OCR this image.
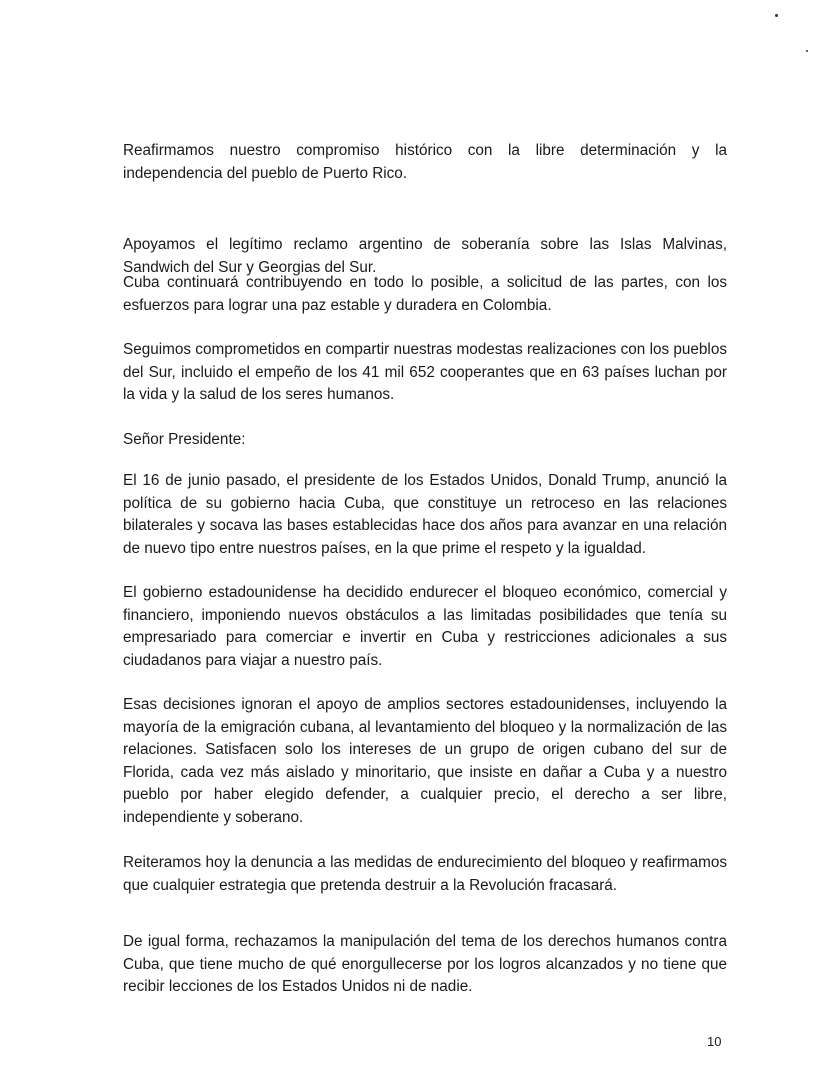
Reafirmamos nuestro compromiso histórico con la libre determinación y la independencia del pueblo de Puerto Rico.

Apoyamos el legítimo reclamo argentino de soberanía sobre las Islas Malvinas, Sandwich del Sur y Georgias del Sur.

Cuba continuará contribuyendo en todo lo posible, a solicitud de las partes, con los esfuerzos para lograr una paz estable y duradera en Colombia.

Seguimos comprometidos en compartir nuestras modestas realizaciones con los pueblos del Sur, incluido el empeño de los 41 mil 652 cooperantes que en 63 países luchan por la vida y la salud de los seres humanos.

Señor Presidente:

El 16 de junio pasado, el presidente de los Estados Unidos, Donald Trump, anunció la política de su gobierno hacia Cuba, que constituye un retroceso en las relaciones bilaterales y socava las bases establecidas hace dos años para avanzar en una relación de nuevo tipo entre nuestros países, en la que prime el respeto y la igualdad.

El gobierno estadounidense ha decidido endurecer el bloqueo económico, comercial y financiero, imponiendo nuevos obstáculos a las limitadas posibilidades que tenía su empresariado para comerciar e invertir en Cuba y restricciones adicionales a sus ciudadanos para viajar a nuestro país.

Esas decisiones ignoran el apoyo de amplios sectores estadounidenses, incluyendo la mayoría de la emigración cubana, al levantamiento del bloqueo y la normalización de las relaciones. Satisfacen solo los intereses de un grupo de origen cubano del sur de Florida, cada vez más aislado y minoritario, que insiste en dañar a Cuba y a nuestro pueblo por haber elegido defender, a cualquier precio, el derecho a ser libre, independiente y soberano.

Reiteramos hoy la denuncia a las medidas de endurecimiento del bloqueo y reafirmamos que cualquier estrategia que pretenda destruir a la Revolución fracasará.

De igual forma, rechazamos la manipulación del tema de los derechos humanos contra Cuba, que tiene mucho de qué enorgullecerse por los logros alcanzados y no tiene que recibir lecciones de los Estados Unidos ni de nadie.

10
